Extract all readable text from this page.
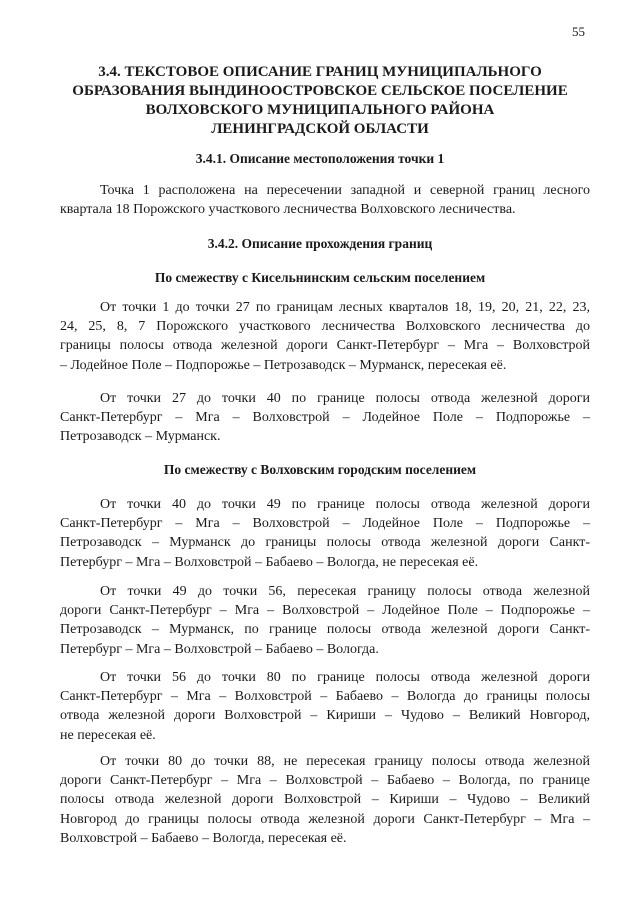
55
3.4. ТЕКСТОВОЕ ОПИСАНИЕ ГРАНИЦ МУНИЦИПАЛЬНОГО
ОБРАЗОВАНИЯ ВЫНДИНООСТРОВСКОЕ СЕЛЬСКОЕ ПОСЕЛЕНИЕ
ВОЛХОВСКОГО МУНИЦИПАЛЬНОГО РАЙОНА
ЛЕНИНГРАДСКОЙ ОБЛАСТИ
3.4.1. Описание местоположения точки 1
Точка 1 расположена на пересечении западной и северной границ лесного
квартала 18 Порожского участкового лесничества Волховского лесничества.
3.4.2. Описание прохождения границ
По смежеству с Кисельнинским сельским поселением
От точки 1 до точки 27 по границам лесных кварталов 18, 19, 20, 21, 22, 23,
24, 25, 8, 7 Порожского участкового лесничества Волховского лесничества до
границы полосы отвода железной дороги Санкт-Петербург – Мга – Волховстрой
– Лодейное Поле – Подпорожье – Петрозаводск – Мурманск, пересекая её.
От точки 27 до точки 40 по границе полосы отвода железной дороги
Санкт-Петербург – Мга – Волховстрой – Лодейное Поле – Подпорожье –
Петрозаводск – Мурманск.
По смежеству с Волховским городским поселением
От точки 40 до точки 49 по границе полосы отвода железной дороги
Санкт-Петербург – Мга – Волховстрой – Лодейное Поле – Подпорожье –
Петрозаводск – Мурманск до границы полосы отвода железной дороги Санкт-
Петербург – Мга – Волховстрой – Бабаево – Вологда, не пересекая её.
От точки 49 до точки 56, пересекая границу полосы отвода железной
дороги Санкт-Петербург – Мга – Волховстрой – Лодейное Поле – Подпорожье –
Петрозаводск – Мурманск, по границе полосы отвода железной дороги Санкт-
Петербург – Мга – Волховстрой – Бабаево – Вологда.
От точки 56 до точки 80 по границе полосы отвода железной дороги
Санкт-Петербург – Мга – Волховстрой – Бабаево – Вологда до границы полосы
отвода железной дороги Волховстрой – Кириши – Чудово – Великий Новгород,
не пересекая её.
От точки 80 до точки 88, не пересекая границу полосы отвода железной
дороги Санкт-Петербург – Мга – Волховстрой – Бабаево – Вологда, по границе
полосы отвода железной дороги Волховстрой – Кириши – Чудово – Великий
Новгород до границы полосы отвода железной дороги Санкт-Петербург – Мга –
Волховстрой – Бабаево – Вологда, пересекая её.
